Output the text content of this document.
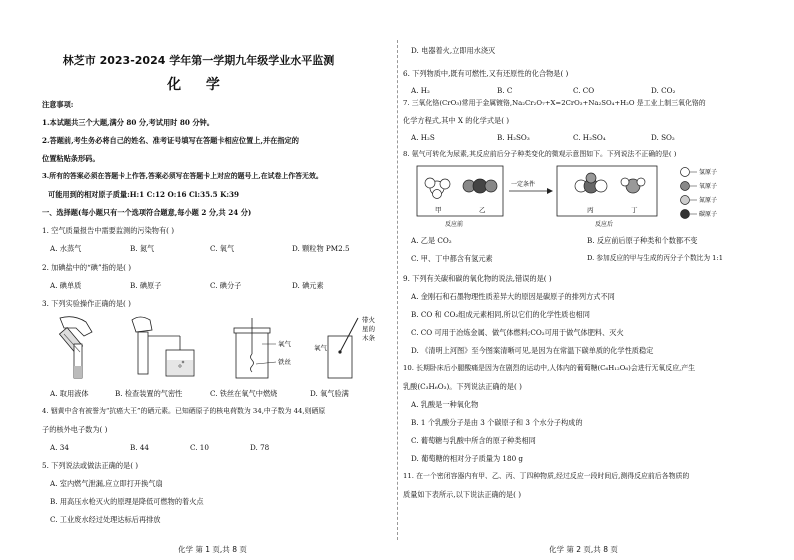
林芝市 2023-2024 学年第一学期九年级学业水平监测
化 学
注意事项:
1.本试题共三个大题,满分 80 分,考试用时 80 分钟。
2.答题前,考生务必将自己的姓名、准考证号填写在答题卡相应位置上,并在指定的
位置粘贴条形码。
3.所有的答案必须在答题卡上作答,答案必须写在答题卡上对应的题号上,在试卷上作答无效。
可能用到的相对原子质量:H:1 C:12 O:16 Cl:35.5 K:39
一、选择题(每小题只有一个选项符合题意,每小题 2 分,共 24 分)
1. 空气质量报告中需要监测的污染物有( )
A. 水蒸气	B. 氮气	C. 氧气	D. 颗粒物 PM2.5
2. 加碘盐中的“碘”指的是( )
A. 碘单质	B. 碘原子	C. 碘分子	D. 碘元素
3. 下列实验操作正确的是( )
氧气
铁丝
氧气
带火
星的
木条
A. 取用液体	B. 检查装置的气密性	C. 铁丝在氧气中燃烧	D. 氧气验满
4. 铟黄中含有被誉为“抗癌大王”的硒元素。已知硒原子的核电荷数为 34,中子数为 44,则硒原
子的核外电子数为( )
A. 34	B. 44	C. 10	D. 78
5. 下列说法或做法正确的是( )
A. 室内燃气泄漏,应立即打开换气扇
B. 用高压水枪灭火的原理是降低可燃物的着火点
C. 工业废水经过处理达标后再排放
化学 第 1 页,共 8 页
D. 电器着火,立即用水浇灭
6. 下列物质中,既有可燃性,又有还原性的化合物是( )
A. H₂	B. C	C. CO	D. CO₂
7. 三氧化铬(CrO₃)常用于金属镀铬,Na₂Cr₂O₇+X=2CrO₃+Na₂SO₄+H₂O 是工业上制三氧化铬的
化学方程式,其中 X 的化学式是( )
A. H₂S	B. H₂SO₃	C. H₂SO₄	D. SO₂
8. 氨气可转化为尿素,其反应前后分子种类变化的微观示意图如下。下列说法不正确的是( )
甲	乙
一定条件
丙	丁
反应前	反应后
氢原子
氧原子
氮原子
碳原子
A. 乙是 CO₂	B. 反应前后原子种类和个数都不变
C. 甲、丁中都含有氢元素	D. 参加反应的甲与生成的丙分子个数比为 1:1
9. 下列有关碳和碳的氧化物的说法,错误的是( )
A. 金刚石和石墨物理性质差异大的原因是碳原子的排列方式不同
B. CO 和 CO₂组成元素相同,所以它们的化学性质也相同
C. CO 可用于冶炼金属、做气体燃料;CO₂可用于做气体肥料、灭火
D. 《清明上河图》至今图案清晰可见,是因为在常温下碳单质的化学性质稳定
10. 长期卧床后小腿酸痛是因为在剧烈的运动中,人体内的葡萄糖(C₆H₁₂O₆)会进行无氧反应,产生
乳酸(C₃H₆O₃)。下列说法正确的是( )
A. 乳酸是一种氧化物
B. 1 个乳酸分子是由 3 个碳原子和 3 个水分子构成的
C. 葡萄糖与乳酸中所含的原子种类相同
D. 葡萄糖的相对分子质量为 180 g
11. 在一个密闭容器内有甲、乙、丙、丁四种物质,经过反应一段时间后,测得反应前后各物质的
质量如下表所示,以下说法正确的是( )
化学 第 2 页,共 8 页
